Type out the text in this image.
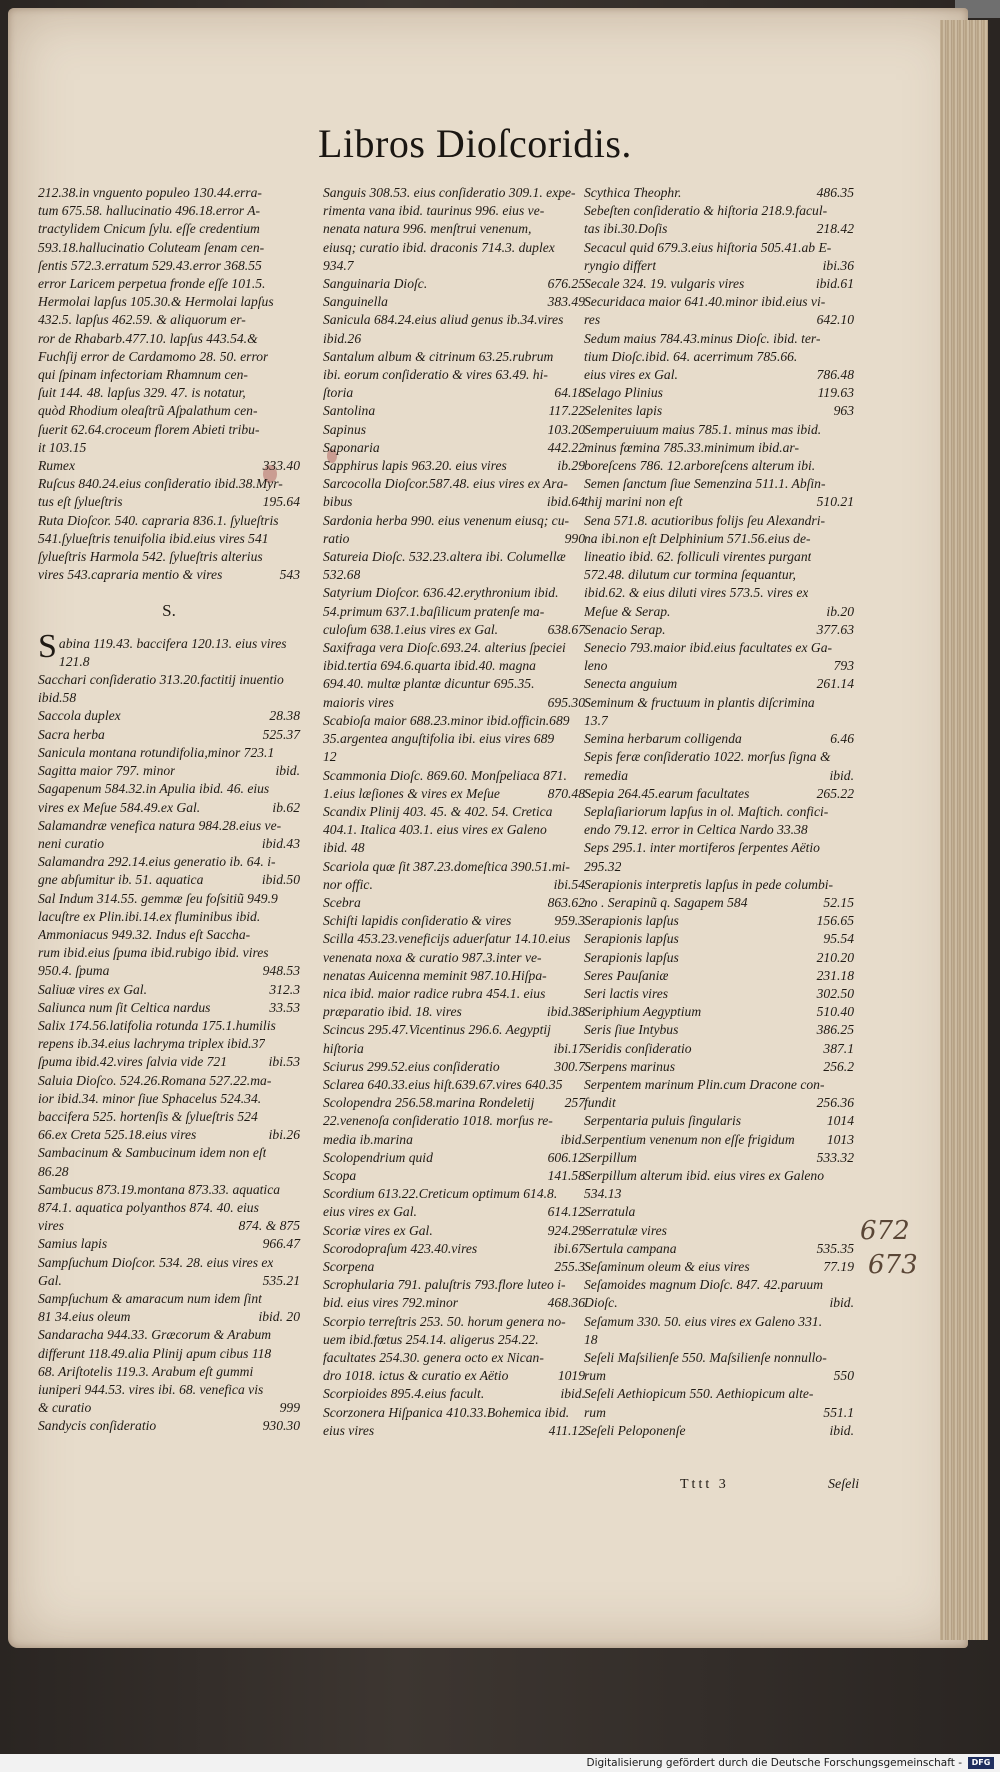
Libros Dioſcoridis.
212.38.in vnguento populeo 130.44.erra-
tum 675.58. hallucinatio 496.18.error A-
tractylidem Cnicum ſylu. eſſe credentium
593.18.hallucinatio Coluteam ſenam cen-
ſentis 572.3.erratum 529.43.error 368.55
error Laricem perpetua fronde eſſe 101.5.
Hermolai lapſus 105.30.& Hermolai lapſus
432.5. lapſus 462.59. & aliquorum er-
ror de Rhabarb.477.10. lapſus 443.54.&
Fuchſij error de Cardamomo 28. 50. error
qui ſpinam infectoriam Rhamnum cen-
ſuit 144. 48. lapſus 329. 47. is notatur,
quòd Rhodium oleaſtrũ Aſpalathum cen-
ſuerit 62.64.croceum florem Abieti tribu-
it 103.15
Rumex	333.40
Ruſcus 840.24.eius conſideratio ibid.38.Myr-
tus eſt ſylueſtris	195.64
Ruta Dioſcor. 540. capraria 836.1. ſylueſtris
541.ſylueſtris tenuifolia ibid.eius vires 541
ſylueſtris Harmola 542. ſylueſtris alterius
vires 543.capraria mentio & vires	543
S.
S abina 119.43. baccifera 120.13. eius vires
121.8
Sacchari conſideratio 313.20.factitij inuentio
ibid.58
Saccola duplex	28.38
Sacra herba	525.37
Sanicula montana rotundifolia,minor 723.1
Sagitta maior 797. minor	ibid.
Sagapenum 584.32.in Apulia ibid. 46. eius
vires ex Meſue 584.49.ex Gal.	ib.62
Salamandræ venefica natura 984.28.eius ve-
neni curatio	ibid.43
Salamandra 292.14.eius generatio ib. 64. i-
gne abſumitur ib. 51. aquatica	ibid.50
Sal Indum 314.55. gemmæ ſeu foſsitiũ 949.9
lacuſtre ex Plin.ibi.14.ex fluminibus ibid.
Ammoniacus 949.32. Indus eſt Saccha-
rum ibid.eius ſpuma ibid.rubigo ibid. vires
950.4. ſpuma	948.53
Saliuæ vires ex Gal.	312.3
Saliunca num ſit Celtica nardus	33.53
Salix 174.56.latifolia rotunda 175.1.humilis
repens ib.34.eius lachryma triplex ibid.37
ſpuma ibid.42.vires ſalvia vide 721	ibi.53
Saluia Dioſco. 524.26.Romana 527.22.ma-
ior ibid.34. minor ſiue Sphacelus 524.34.
baccifera 525. hortenſis & ſylueſtris 524
66.ex Creta 525.18.eius vires	ibi.26
Sambacinum & Sambucinum idem non eſt
86.28
Sambucus 873.19.montana 873.33. aquatica
874.1. aquatica polyanthos 874. 40. eius
vires	874. & 875
Samius lapis	966.47
Sampſuchum Dioſcor. 534. 28. eius vires ex
Gal.	535.21
Sampſuchum & amaracum num idem ſint
81 34.eius oleum	ibid. 20
Sandaracha 944.33. Græcorum & Arabum
differunt 118.49.alia Plinij apum cibus 118
68. Ariſtotelis 119.3. Arabum eſt gummi
iuniperi 944.53. vires ibi. 68. venefica vis
& curatio	999
Sandycis conſideratio	930.30
Sanguis 308.53. eius conſideratio 309.1. expe-
rimenta vana ibid. taurinus 996. eius ve-
nenata natura 996. menſtrui venenum,
eiusq; curatio ibid. draconis 714.3. duplex
934.7
Sanguinaria Dioſc.	676.25
Sanguinella	383.49
Sanicula 684.24.eius aliud genus ib.34.vires
ibid.26
Santalum album & citrinum 63.25.rubrum
ibi. eorum conſideratio & vires 63.49. hi-
ſtoria	64.18
Santolina	117.22
Sapinus	103.20
Saponaria	442.22
Sapphirus lapis 963.20. eius vires	ib.29
Sarcocolla Dioſcor.587.48. eius vires ex Ara-
bibus	ibid.64
Sardonia herba 990. eius venenum eiusq; cu-
ratio	990
Satureia Dioſc. 532.23.altera ibi. Columellæ
532.68
Satyrium Dioſcor. 636.42.erythronium ibid.
54.primum 637.1.baſilicum pratenſe ma-
culoſum 638.1.eius vires ex Gal.	638.67
Saxifraga vera Dioſc.693.24. alterius ſpeciei
ibid.tertia 694.6.quarta ibid.40. magna
694.40. multæ plantæ dicuntur 695.35.
maioris vires	695.30
Scabioſa maior 688.23.minor ibid.officin.689
35.argentea anguſtifolia ibi. eius vires 689
12
Scammonia Dioſc. 869.60. Monſpeliaca 871.
1.eius læſiones & vires ex Meſue	870.48
Scandix Plinij 403. 45. & 402. 54. Cretica
404.1. Italica 403.1. eius vires ex Galeno
ibid. 48
Scariola quæ ſit 387.23.domeſtica 390.51.mi-
nor offic.	ibi.54
Scebra	863.62
Schiſti lapidis conſideratio & vires	959.3
Scilla 453.23.veneficijs aduerſatur 14.10.eius
venenata noxa & curatio 987.3.inter ve-
nenatas Auicenna meminit 987.10.Hiſpa-
nica ibid. maior radice rubra 454.1. eius
præparatio ibid. 18. vires	ibid.38
Scincus 295.47.Vicentinus 296.6. Aegyptij
hiſtoria	ibi.17
Sciurus 299.52.eius conſideratio	300.7
Sclarea 640.33.eius hiſt.639.67.vires 640.35
Scolopendra 256.58.marina Rondeletij	257
22.venenoſa conſideratio 1018. morſus re-
media ib.marina	ibid.
Scolopendrium quid	606.12
Scopa	141.58
Scordium 613.22.Creticum optimum 614.8.
eius vires ex Gal.	614.12
Scoriæ vires ex Gal.	924.29
Scorodopraſum 423.40.vires	ibi.67
Scorpena	255.3
Scrophularia 791. paluſtris 793.flore luteo i-
bid. eius vires 792.minor	468.36
Scorpio terreſtris 253. 50. horum genera no-
uem ibid.fœtus 254.14. aligerus 254.22.
facultates 254.30. genera octo ex Nican-
dro 1018. ictus & curatio ex Aëtio	1019
Scorpioides 895.4.eius facult.	ibid.
Scorzonera Hiſpanica 410.33.Bohemica ibid.
eius vires	411.12
Scythica Theophr.	486.35
Sebeſten conſideratio & hiſtoria 218.9.facul-
tas ibi.30.Doſis	218.42
Secacul quid 679.3.eius hiſtoria 505.41.ab E-
ryngio differt	ibi.36
Secale 324. 19. vulgaris vires	ibid.61
Securidaca maior 641.40.minor ibid.eius vi-
res	642.10
Sedum maius 784.43.minus Dioſc. ibid. ter-
tium Dioſc.ibid. 64. acerrimum 785.66.
eius vires ex Gal.	786.48
Selago Plinius	119.63
Selenites lapis	963
Semperuiuum maius 785.1. minus mas ibid.
minus fœmina 785.33.minimum ibid.ar-
boreſcens 786. 12.arboreſcens alterum ibi.
Semen ſanctum ſiue Semenzina 511.1. Abſin-
thij marini non eſt	510.21
Sena 571.8. acutioribus folijs ſeu Alexandri-
na ibi.non eſt Delphinium 571.56.eius de-
lineatio ibid. 62. folliculi virentes purgant
572.48. dilutum cur tormina ſequantur,
ibid.62. & eius diluti vires 573.5. vires ex
Meſue & Serap.	ib.20
Senacio Serap.	377.63
Senecio 793.maior ibid.eius facultates ex Ga-
leno	793
Senecta anguium	261.14
Seminum & fructuum in plantis diſcrimina
13.7
Semina herbarum colligenda	6.46
Sepis feræ conſideratio 1022. morſus ſigna &
remedia	ibid.
Sepia 264.45.earum facultates	265.22
Seplaſiariorum lapſus in ol. Maſtich. confici-
endo 79.12. error in Celtica Nardo 33.38
Seps 295.1. inter mortiferos ſerpentes Aëtio
295.32
Serapionis interpretis lapſus in pede columbi-
no . Serapinũ q. Sagapem 584	52.15
Serapionis lapſus	156.65
Serapionis lapſus	95.54
Serapionis lapſus	210.20
Seres Pauſaniæ	231.18
Seri lactis vires	302.50
Seriphium Aegyptium	510.40
Seris ſiue Intybus	386.25
Seridis conſideratio	387.1
Serpens marinus	256.2
Serpentem marinum Plin.cum Dracone con-
fundit	256.36
Serpentaria puluis ſingularis	1014
Serpentium venenum non eſſe frigidum	1013
Serpillum	533.32
Serpillum alterum ibid. eius vires ex Galeno
534.13
Serratula
Serratulæ vires
Sertula campana	535.35
Seſaminum oleum & eius vires	77.19
Seſamoides magnum Dioſc. 847. 42.paruum
Dioſc.	ibid.
Seſamum 330. 50. eius vires ex Galeno 331.
18
Seſeli Maſsilienſe 550. Maſsilienſe nonnullo-
rum	550
Seſeli Aethiopicum 550. Aethiopicum alte-
rum	551.1
Seſeli Peloponenſe	ibid.
Tttt 3	Seſeli
672
673
Digitalisierung gefördert durch die Deutsche Forschungsgemeinschaft -	DFG
